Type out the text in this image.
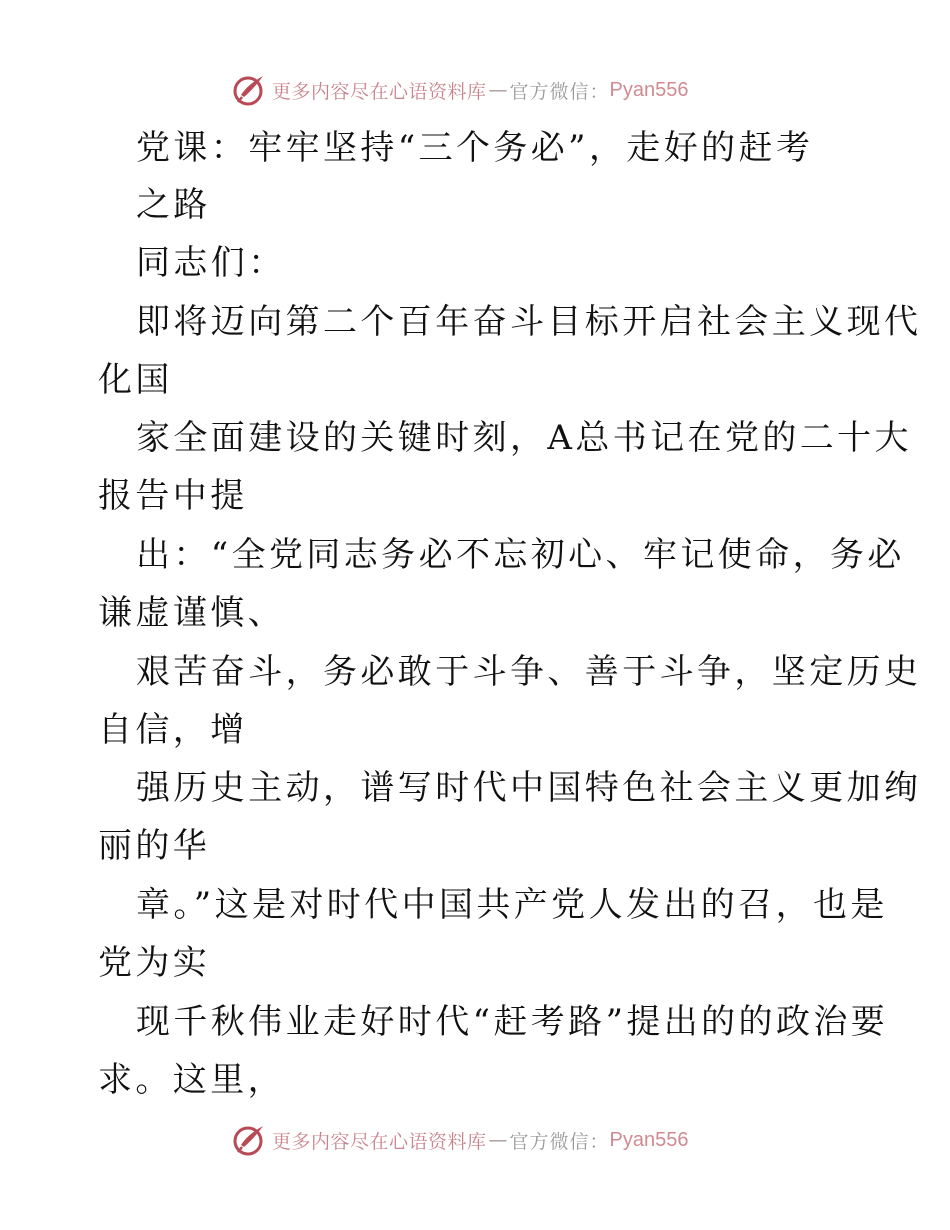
更多内容尽在心语资料库 — 官方微信： Pyan556
党课：牢牢坚持“三个务必”，走好的赶考
之路
同志们：
即将迈向第二个百年奋斗目标开启社会主义现代
化国
家全面建设的关键时刻，A总书记在党的二十大
报告中提
出：“全党同志务必不忘初心、牢记使命，务必
谦虚谨慎、
艰苦奋斗，务必敢于斗争、善于斗争，坚定历史
自信，增
强历史主动，谱写时代中国特色社会主义更加绚
丽的华
章。”这是对时代中国共产党人发出的召，也是
党为实
现千秋伟业走好时代“赶考路”提出的的政治要
求。这里，
更多内容尽在心语资料库 — 官方微信： Pyan556
